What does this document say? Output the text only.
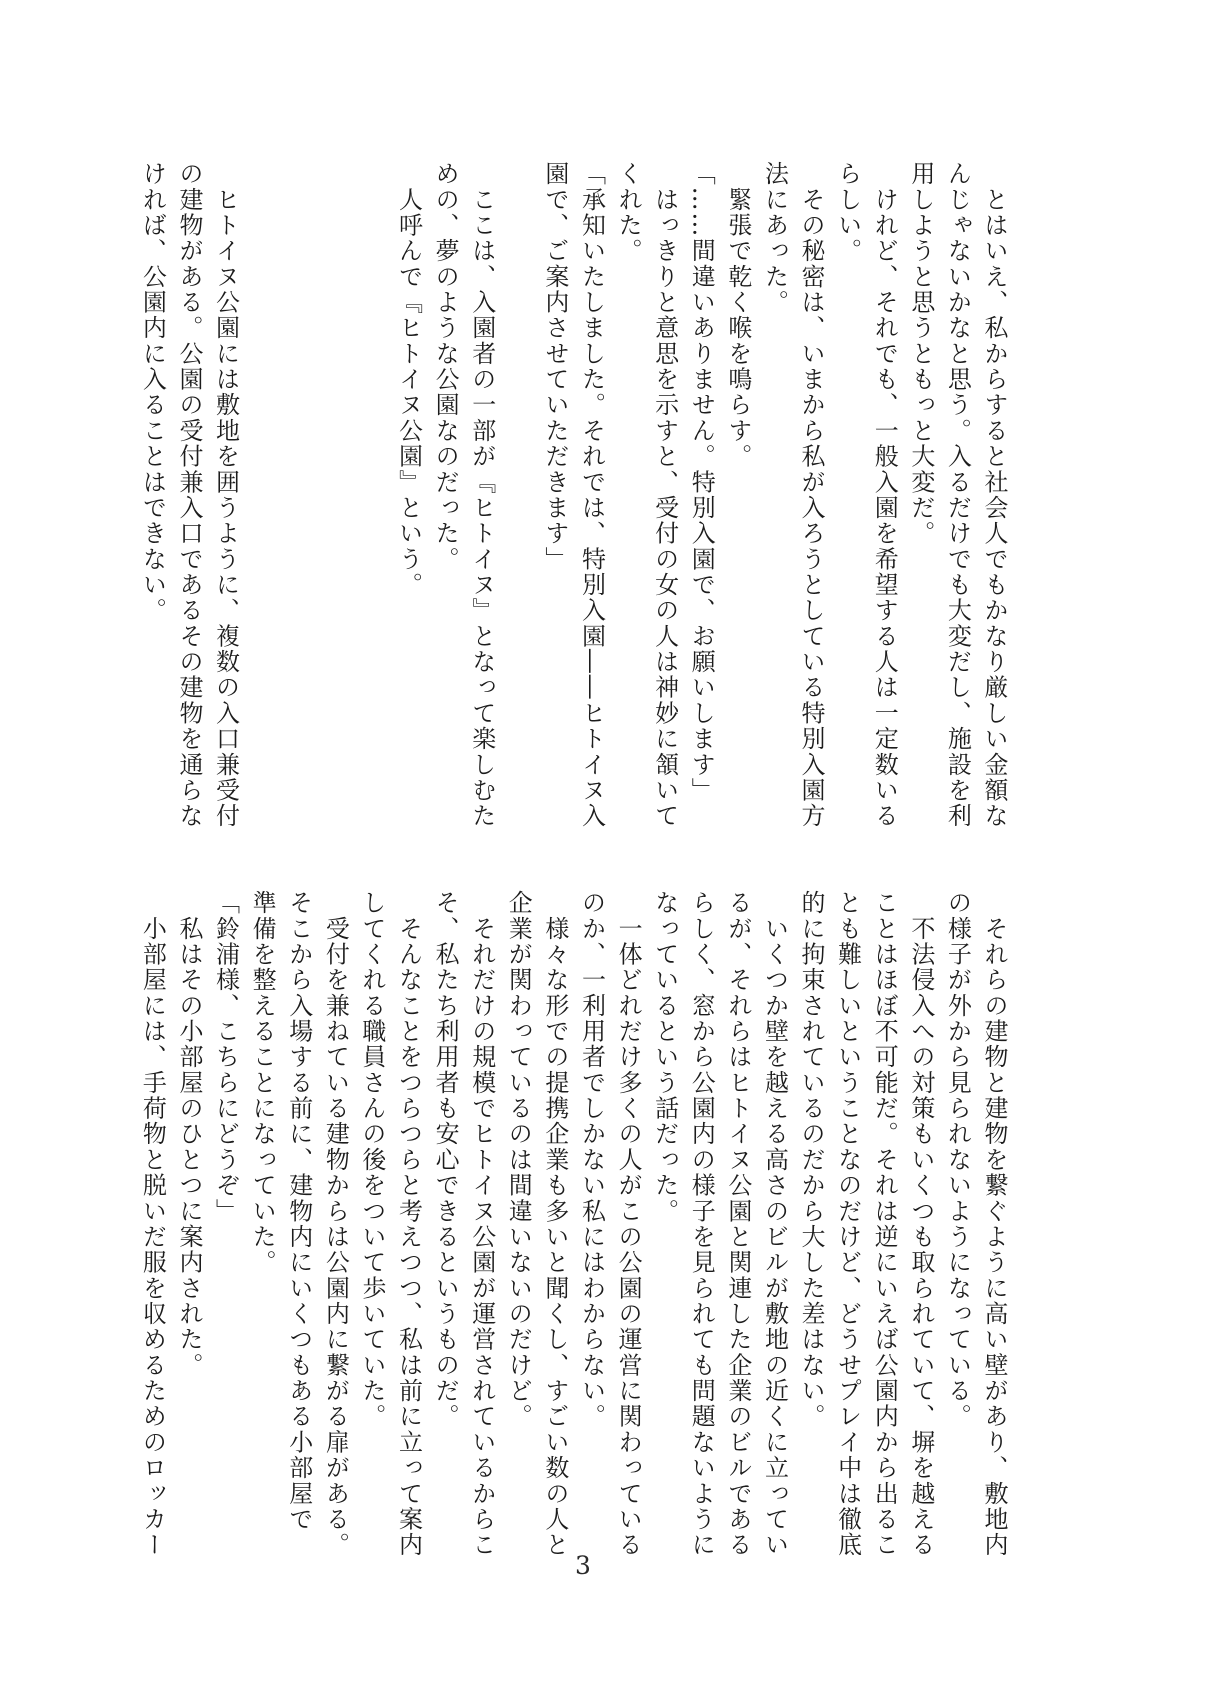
　とはいえ、私からすると社会人でもかなり厳しい金額な
んじゃないかなと思う。入るだけでも大変だし、施設を利
用しようと思うともっと大変だ。
　けれど、それでも、一般入園を希望する人は一定数いる
らしい。
　その秘密は、いまから私が入ろうとしている特別入園方
法にあった。
　緊張で乾く喉を鳴らす。
「……間違いありません。特別入園で、お願いします」
　はっきりと意思を示すと、受付の女の人は神妙に頷いて
くれた。
「承知いたしました。それでは、特別入園――ヒトイヌ入
園で、ご案内させていただきます」

　ここは、入園者の一部が『ヒトイヌ』となって楽しむた
めの、夢のような公園なのだった。
　人呼んで『ヒトイヌ公園』という。

　ヒトイヌ公園には敷地を囲うように、複数の入口兼受付
の建物がある。公園の受付兼入口であるその建物を通らな
ければ、公園内に入ることはできない。
　それらの建物と建物を繋ぐように高い壁があり、敷地内
の様子が外から見られないようになっている。
　不法侵入への対策もいくつも取られていて、塀を越える
ことはほぼ不可能だ。それは逆にいえば公園内から出るこ
とも難しいということなのだけど、どうせプレイ中は徹底
的に拘束されているのだから大した差はない。
　いくつか壁を越える高さのビルが敷地の近くに立ってい
るが、それらはヒトイヌ公園と関連した企業のビルである
らしく、窓から公園内の様子を見られても問題ないように
なっているという話だった。
　一体どれだけ多くの人がこの公園の運営に関わっている
のか、一利用者でしかない私にはわからない。
　様々な形での提携企業も多いと聞くし、すごい数の人と
企業が関わっているのは間違いないのだけど。
　それだけの規模でヒトイヌ公園が運営されているからこ
そ、私たち利用者も安心できるというものだ。
　そんなことをつらつらと考えつつ、私は前に立って案内
してくれる職員さんの後をついて歩いていた。
　受付を兼ねている建物からは公園内に繋がる扉がある。
そこから入場する前に、建物内にいくつもある小部屋で
準備を整えることになっていた。
「鈴浦様、こちらにどうぞ」
　私はその小部屋のひとつに案内された。
　小部屋には、手荷物と脱いだ服を収めるためのロッカー
3
